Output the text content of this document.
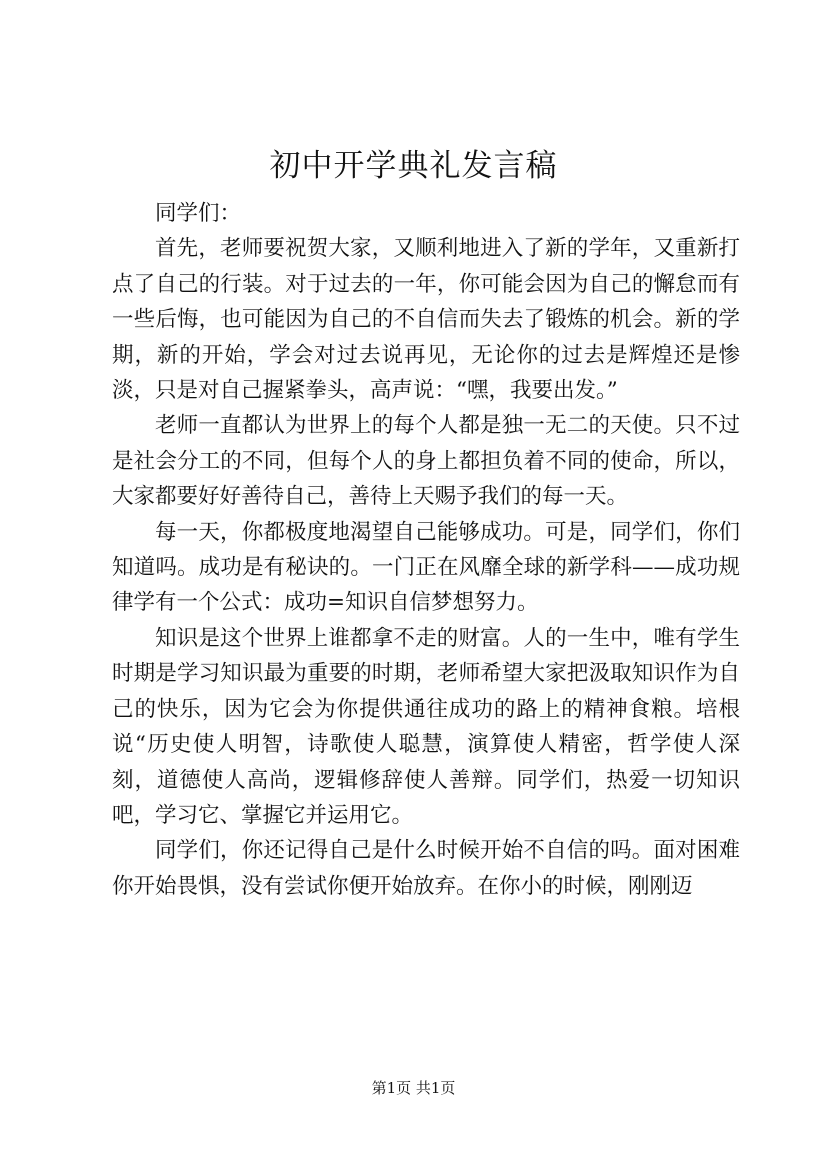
初中开学典礼发言稿

同学们：

首先，老师要祝贺大家，又顺利地进入了新的学年，又重新打点了自己的行装。对于过去的一年，你可能会因为自己的懈怠而有一些后悔，也可能因为自己的不自信而失去了锻炼的机会。新的学期，新的开始，学会对过去说再见，无论你的过去是辉煌还是惨淡，只是对自己握紧拳头，高声说：“嘿，我要出发。”

老师一直都认为世界上的每个人都是独一无二的天使。只不过是社会分工的不同，但每个人的身上都担负着不同的使命，所以，大家都要好好善待自己，善待上天赐予我们的每一天。

每一天，你都极度地渴望自己能够成功。可是，同学们，你们知道吗。成功是有秘诀的。一门正在风靡全球的新学科——成功规律学有一个公式：成功=知识自信梦想努力。

知识是这个世界上谁都拿不走的财富。人的一生中，唯有学生时期是学习知识最为重要的时期，老师希望大家把汲取知识作为自己的快乐，因为它会为你提供通往成功的路上的精神食粮。培根说“历史使人明智，诗歌使人聪慧，演算使人精密，哲学使人深刻，道德使人高尚，逻辑修辞使人善辩。同学们，热爱一切知识吧，学习它、掌握它并运用它。

同学们，你还记得自己是什么时候开始不自信的吗。面对困难你开始畏惧，没有尝试你便开始放弃。在你小的时候，刚刚迈

第1页 共1页
